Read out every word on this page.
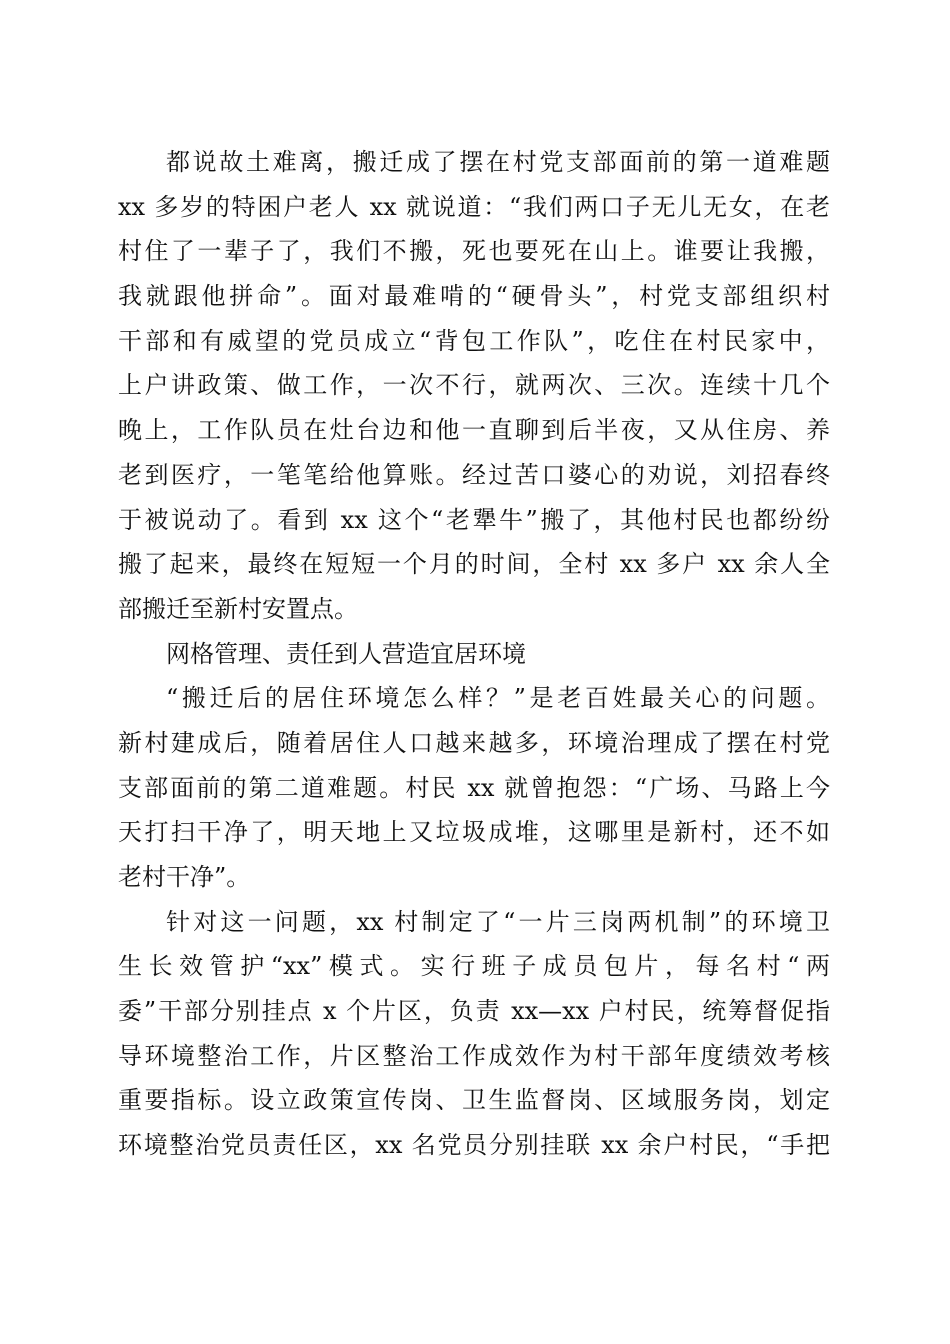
都说故土难离，搬迁成了摆在村党支部面前的第一道难题
xx 多岁的特困户老人 xx 就说道：“我们两口子无儿无女，在老
村住了一辈子了，我们不搬，死也要死在山上。谁要让我搬，
我就跟他拼命”。面对最难啃的“硬骨头”，村党支部组织村
干部和有威望的党员成立“背包工作队”，吃住在村民家中，
上户讲政策、做工作，一次不行，就两次、三次。连续十几个
晚上，工作队员在灶台边和他一直聊到后半夜，又从住房、养
老到医疗，一笔笔给他算账。经过苦口婆心的劝说，刘招春终
于被说动了。看到 xx 这个“老犟牛”搬了，其他村民也都纷纷
搬了起来，最终在短短一个月的时间，全村 xx 多户 xx 余人全
部搬迁至新村安置点。
网格管理、责任到人营造宜居环境
“搬迁后的居住环境怎么样？”是老百姓最关心的问题。
新村建成后，随着居住人口越来越多，环境治理成了摆在村党
支部面前的第二道难题。村民 xx 就曾抱怨：“广场、马路上今
天打扫干净了，明天地上又垃圾成堆，这哪里是新村，还不如
老村干净”。
针对这一问题，xx 村制定了“一片三岗两机制”的环境卫
生长效管护“xx”模式。实行班子成员包片，每名村“两
委”干部分别挂点 x 个片区，负责 xx—xx 户村民，统筹督促指
导环境整治工作，片区整治工作成效作为村干部年度绩效考核
重要指标。设立政策宣传岗、卫生监督岗、区域服务岗，划定
环境整治党员责任区，xx 名党员分别挂联 xx 余户村民，“手把
